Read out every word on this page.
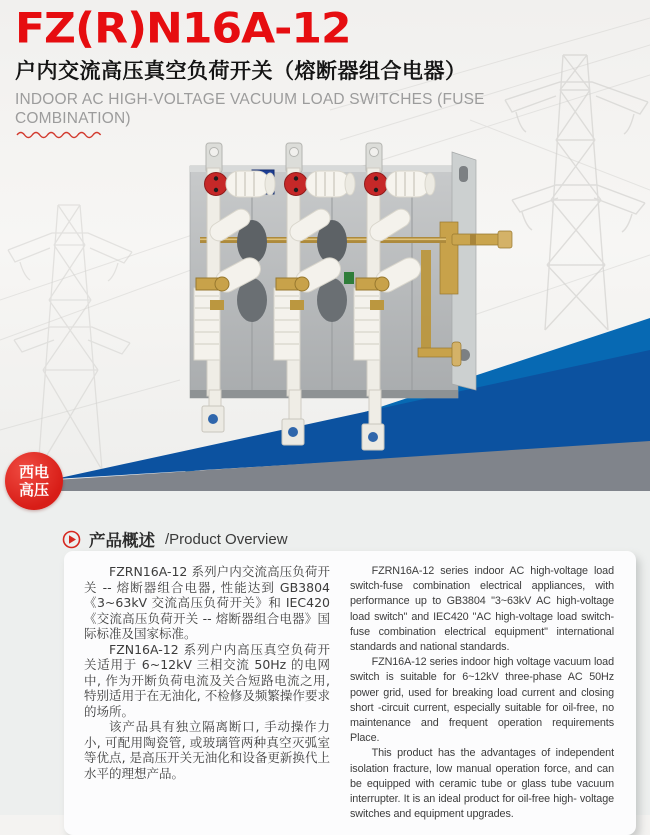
FZ(R)N16A-12
户内交流高压真空负荷开关（熔断器组合电器）
INDOOR AC HIGH-VOLTAGE VACUUM LOAD SWITCHES (FUSE COMBINATION)
西电
高压
产品概述 /Product Overview

FZRN16A-12 系列户内交流高压负荷开关 -- 熔断器组合电器, 性能达到 GB3804《3~63kV 交流高压负荷开关》和 IEC420《交流高压负荷开关 -- 熔断器组合电器》国际标准及国家标准。

FZN16A-12 系列户内高压真空负荷开关适用于 6~12kV 三相交流 50Hz 的电网中, 作为开断负荷电流及关合短路电流之用, 特别适用于在无油化, 不检修及频繁操作要求的场所。

该产品具有独立隔离断口, 手动操作力小, 可配用陶瓷管, 或玻璃管两种真空灭弧室等优点, 是高压开关无油化和设备更新换代上水平的理想产品。

FZRN16A-12 series indoor AC high-voltage load switch-fuse combination electrical appliances, with performance up to GB3804 "3~63kV AC high-voltage load switch" and IEC420 "AC high-voltage load switch-fuse combination electrical equipment" international standards and national standards.

FZN16A-12 series indoor high voltage vacuum load switch is suitable for 6~12kV three-phase AC 50Hz power grid, used for breaking load current and closing short -circuit current, especially suitable for oil-free, no maintenance and frequent operation requirements Place.

This product has the advantages of independent isolation fracture, low manual operation force, and can be equipped with ceramic tube or glass tube vacuum interrupter. It is an ideal product for oil-free high- voltage switches and equipment upgrades.
